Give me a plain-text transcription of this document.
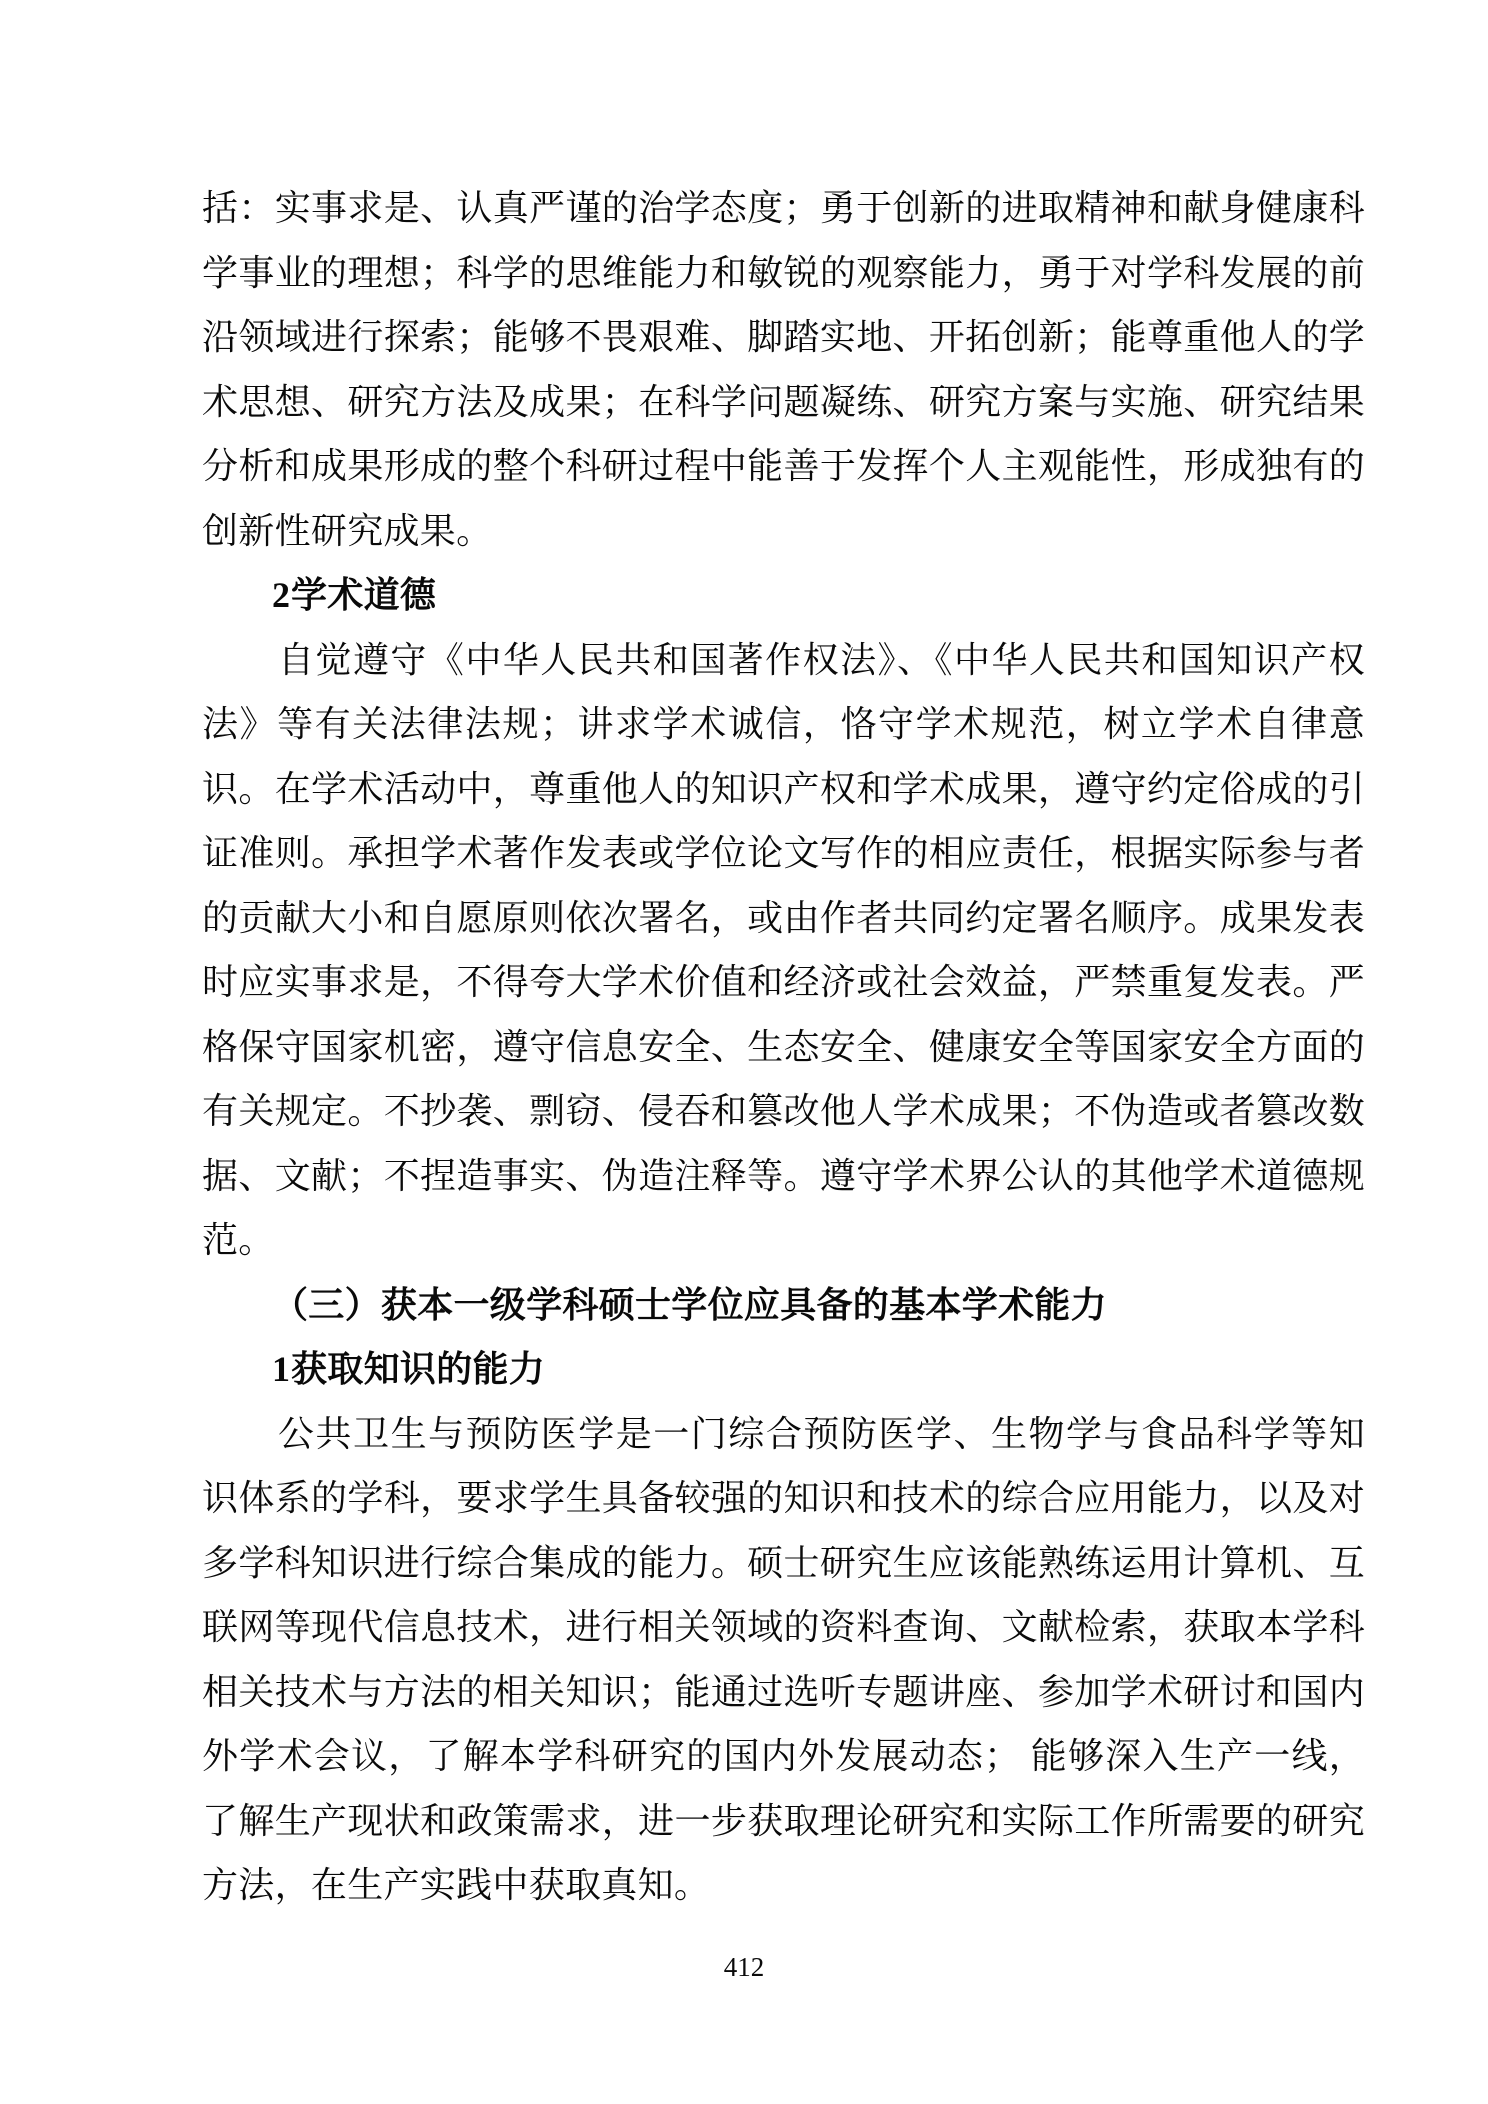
括：实事求是、认真严谨的治学态度；勇于创新的进取精神和献身健康科学事业的理想；科学的思维能力和敏锐的观察能力，勇于对学科发展的前沿领域进行探索；能够不畏艰难、脚踏实地、开拓创新；能尊重他人的学术思想、研究方法及成果；在科学问题凝练、研究方案与实施、研究结果分析和成果形成的整个科研过程中能善于发挥个人主观能性，形成独有的创新性研究成果。

2学术道德

自觉遵守《中华人民共和国著作权法》、《中华人民共和国知识产权法》等有关法律法规；讲求学术诚信，恪守学术规范，树立学术自律意识。在学术活动中，尊重他人的知识产权和学术成果，遵守约定俗成的引证准则。承担学术著作发表或学位论文写作的相应责任，根据实际参与者的贡献大小和自愿原则依次署名，或由作者共同约定署名顺序。成果发表时应实事求是，不得夸大学术价值和经济或社会效益，严禁重复发表。严格保守国家机密，遵守信息安全、生态安全、健康安全等国家安全方面的有关规定。不抄袭、剽窃、侵吞和篡改他人学术成果；不伪造或者篡改数据、文献；不捏造事实、伪造注释等。遵守学术界公认的其他学术道德规范。

（三）获本一级学科硕士学位应具备的基本学术能力
1获取知识的能力

公共卫生与预防医学是一门综合预防医学、生物学与食品科学等知识体系的学科，要求学生具备较强的知识和技术的综合应用能力，以及对多学科知识进行综合集成的能力。硕士研究生应该能熟练运用计算机、互联网等现代信息技术，进行相关领域的资料查询、文献检索，获取本学科相关技术与方法的相关知识；能通过选听专题讲座、参加学术研讨和国内外学术会议，了解本学科研究的国内外发展动态； 能够深入生产一线， 了解生产现状和政策需求，进一步获取理论研究和实际工作所需要的研究方法，在生产实践中获取真知。

412
